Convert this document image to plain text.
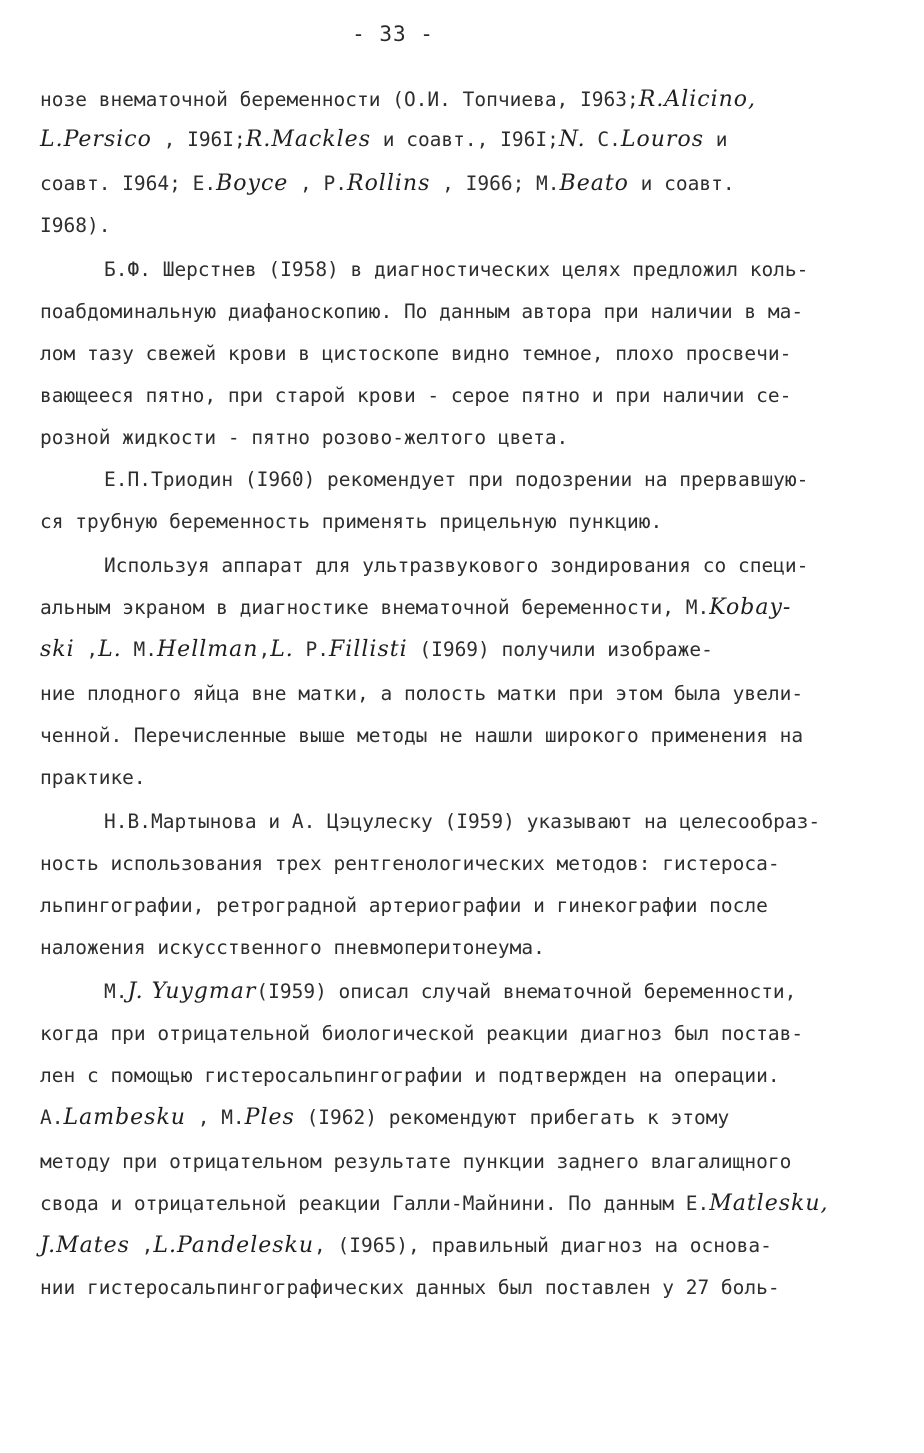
- 33 -
нозе внематочной беременности (О.И. Топчиева, I963;R.Alicino,
L.Persico , I96I;R.Mackles и соавт., I96I;N. C.Louros и
соавт. I964; E.Boyce , P.Rollins , I966; M.Beato и соавт.
I968).
Б.Ф. Шерстнев (I958) в диагностических целях предложил коль-
поабдоминальную диафаноскопию. По данным автора при наличии в ма-
лом тазу свежей крови в цистоскопе видно темное, плохо просвечи-
вающееся пятно, при старой крови - серое пятно и при наличии се-
розной жидкости - пятно розово-желтого цвета.
Е.П.Триодин (I960) рекомендует при подозрении на прервавшую-
ся трубную беременность применять прицельную пункцию.
Используя аппарат для ультразвукового зондирования со специ-
альным экраном в диагностике внематочной беременности, M.Kobay-
ski ,L. M.Hellman,L. P.Fillisti (I969) получили изображе-
ние плодного яйца вне матки, а полость матки при этом была увели-
ченной. Перечисленные выше методы не нашли широкого применения на
практике.
Н.В.Мартынова и А. Цэцулеску (I959) указывают на целесообраз-
ность использования трех рентгенологических методов: гистероса-
льпингографии, ретроградной артериографии и гинекографии после
наложения искусственного пневмоперитонеума.
M.J. Yuygmar(I959) описал случай внематочной беременности,
когда при отрицательной биологической реакции диагноз был постав-
лен с помощью гистеросальпингографии и подтвержден на операции.
A.Lambesku , M.Ples (I962) рекомендуют прибегать к этому
методу при отрицательном результате пункции заднего влагалищного
свода и отрицательной реакции Галли-Майнини. По данным E.Matlesku,
J.Mates ,L.Pandelesku, (I965), правильный диагноз на основа-
нии гистеросальпингографических данных был поставлен у 27 боль-
